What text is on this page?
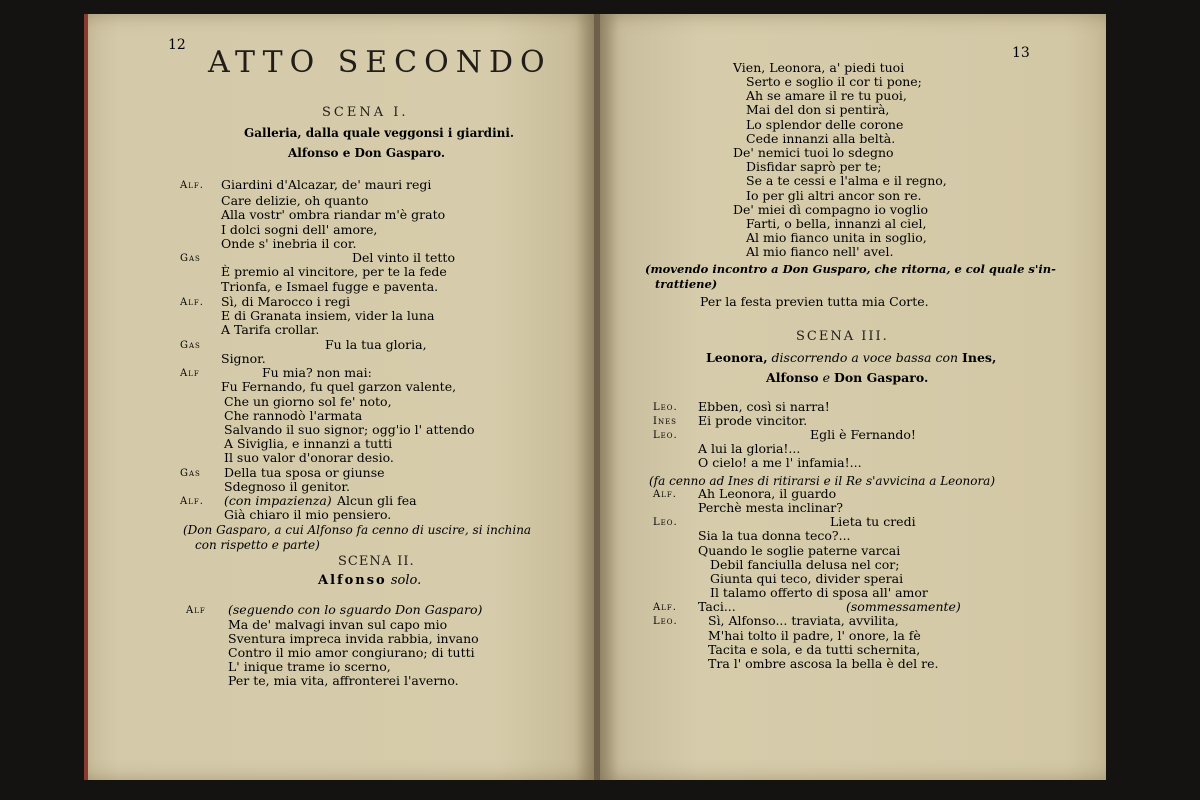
12 ATTO SECONDO
SCENA I.
Galleria, dalla quale veggonsi i giardini.
Alfonso e Don Gasparo.
Alf. Giardini d'Alcazar, de' mauri regi
Care delizie, oh quanto
Alla vostr' ombra riandar m'è grato
I dolci sogni dell' amore,
Onde s' inebria il cor.
Gas	Del vinto il tetto
È premio al vincitore, per te la fede
Trionfa, e Ismael fugge e paventa.
Alf. Sì, di Marocco i regi
E di Granata insiem, vider la luna
A Tarifa crollar.
Gas	Fu la tua gloria,
Signor.
Alf	Fu mia? non mai:
Fu Fernando, fu quel garzon valente,
Che un giorno sol fe' noto,
Che rannodò l'armata
Salvando il suo signor; ogg'io l' attendo
A Siviglia, e innanzi a tutti
Il suo valor d'onorar desio.
Gas Della tua sposa or giunse
Sdegnoso il genitor.
Alf. (con impazienza) Alcun gli fea
Già chiaro il mio pensiero.
(Don Gasparo, a cui Alfonso fa cenno di uscire, si inchina
con rispetto e parte)
SCENA II.
Alfonso solo.
Alf (seguendo con lo sguardo Don Gasparo)
Ma de' malvagi invan sul capo mio
Sventura impreca invida rabbia, invano
Contro il mio amor congiurano; di tutti
L' inique trame io scerno,
Per te, mia vita, affronterei l'averno.
13
Vien, Leonora, a' piedi tuoi
Serto e soglio il cor ti pone;
Ah se amare il re tu puoi,
Mai del don si pentirà,
Lo splendor delle corone
Cede innanzi alla beltà.
De' nemici tuoi lo sdegno
Disfidar saprò per te;
Se a te cessi e l'alma e il regno,
Io per gli altri ancor son re.
De' miei dì compagno io voglio
Farti, o bella, innanzi al ciel,
Al mio fianco unita in soglio,
Al mio fianco nell' avel.
(movendo incontro a Don Gusparo, che ritorna, e col quale s'in-
trattiene)
Per la festa previen tutta mia Corte.
SCENA III.
Leonora, discorrendo a voce bassa con Ines,
Alfonso e Don Gasparo.
Leo. Ebben, così si narra!
Ines Ei prode vincitor.
Leo.	Egli è Fernando!
A lui la gloria!...
O cielo! a me l' infamia!...
(fa cenno ad Ines di ritirarsi e il Re s'avvicina a Leonora)
Alf. Ah Leonora, il guardo
Perchè mesta inclinar?
Leo.	Lieta tu credi
Sia la tua donna teco?...
Quando le soglie paterne varcai
Debil fanciulla delusa nel cor;
Giunta qui teco, divider sperai
Il talamo offerto di sposa all' amor
Alf. Taci...	(sommessamente)
Leo. Sì, Alfonso... traviata, avvilita,
M'hai tolto il padre, l' onore, la fè
Tacita e sola, e da tutti schernita,
Tra l' ombre ascosa la bella è del re.
